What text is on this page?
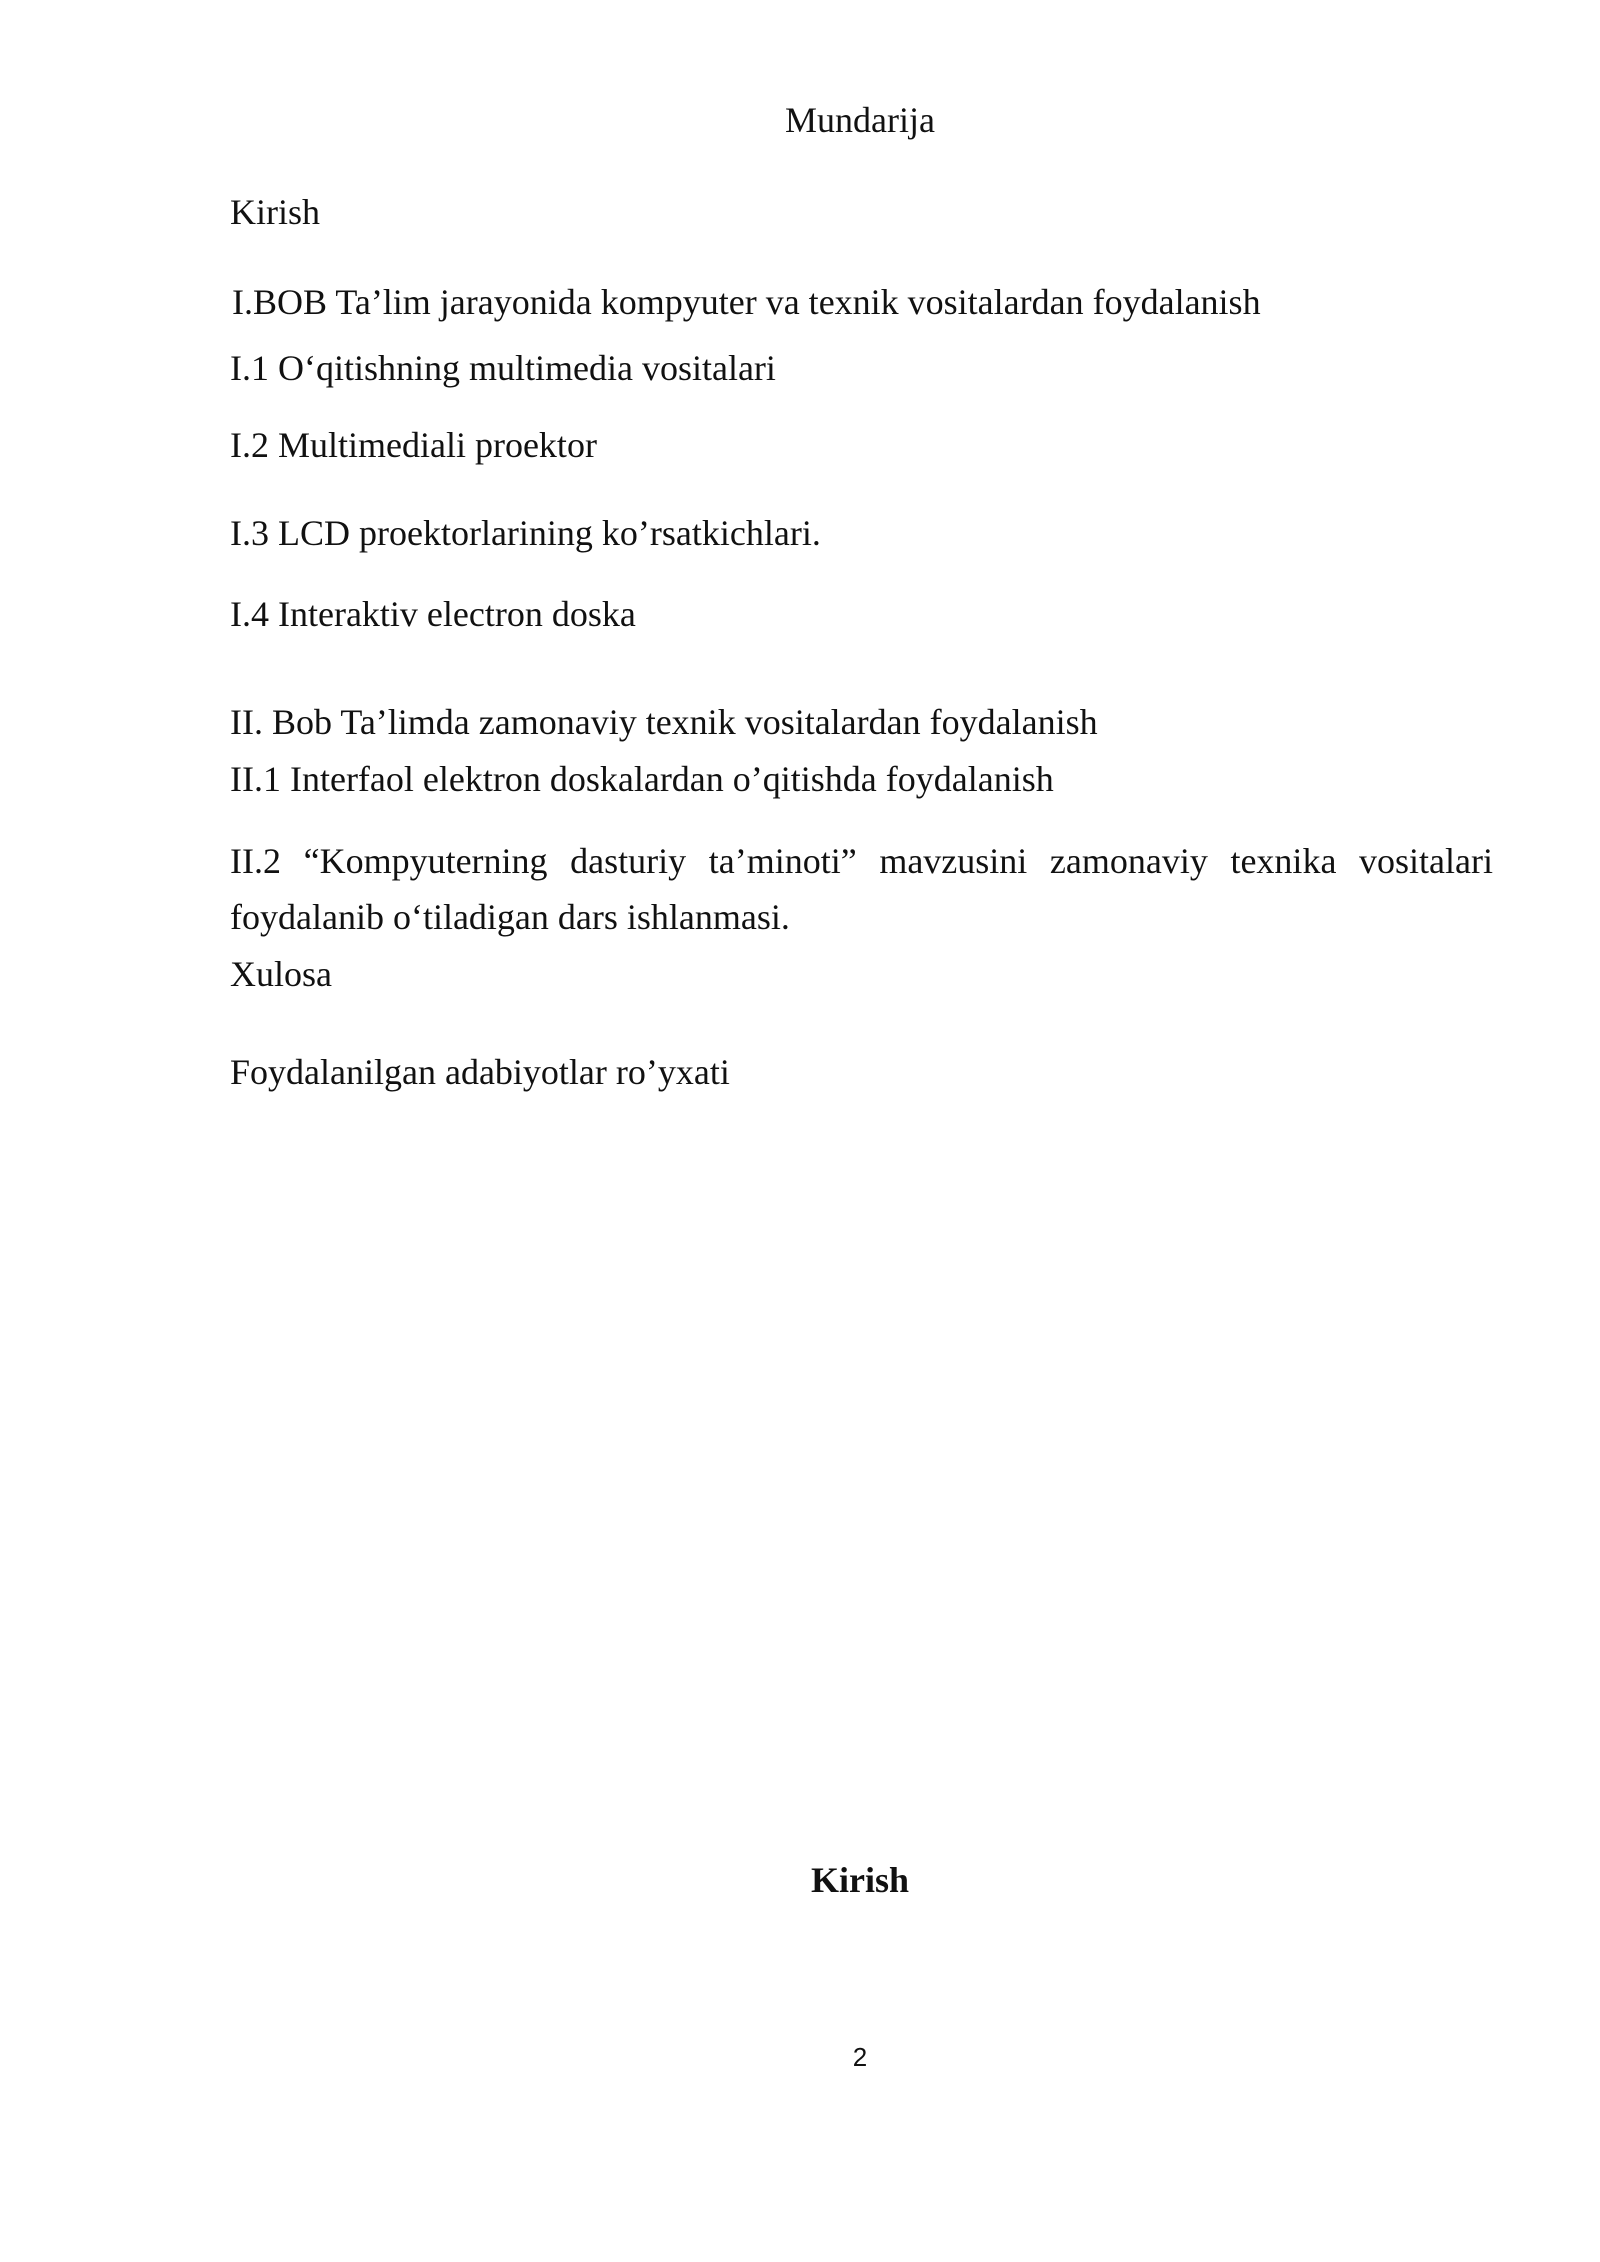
Mundarija
Kirish
I.BOB Ta’lim jarayonida kompyuter va texnik vositalardan foydalanish
I.1 O‘qitishning multimedia vositalari
I.2 Multimediali proektor
I.3 LCD proektorlarining ko’rsatkichlari.
I.4 Interaktiv electron doska
II. Bob Ta’limda zamonaviy texnik vositalardan foydalanish
II.1 Interfaol elektron doskalardan o’qitishda foydalanish
II.2 “Kompyuterning dasturiy ta’minoti” mavzusini zamonaviy texnika vositalari foydalanib o‘tiladigan dars ishlanmasi.
Xulosa
Foydalanilgan adabiyotlar ro’yxati
Kirish
2
